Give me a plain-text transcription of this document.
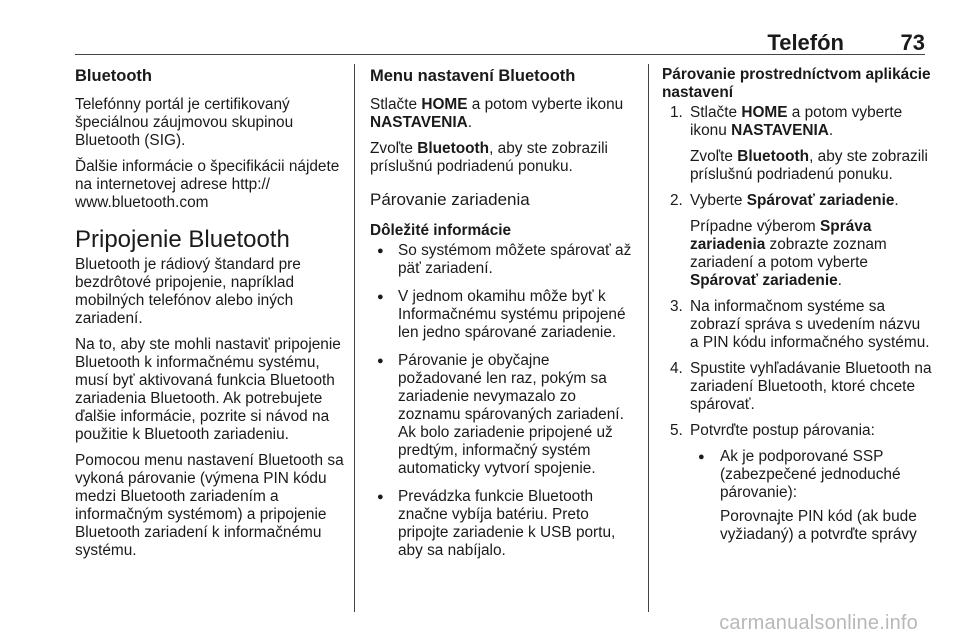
Telefón	73
Bluetooth

Telefónny portál je certifikovaný špeciálnou záujmovou skupinou Bluetooth (SIG).

Ďalšie informácie o špecifikácii nájdete na internetovej adrese http:// www.bluetooth.com

Pripojenie Bluetooth

Bluetooth je rádiový štandard pre bezdrôtové pripojenie, napríklad mobilných telefónov alebo iných zariadení.

Na to, aby ste mohli nastaviť pripojenie Bluetooth k informačnému systému, musí byť aktivovaná funkcia Bluetooth zariadenia Bluetooth. Ak potrebujete ďalšie informácie, pozrite si návod na použitie k Bluetooth zariadeniu.

Pomocou menu nastavení Bluetooth sa vykoná párovanie (výmena PIN kódu medzi Bluetooth zariadením a informačným systémom) a pripojenie Bluetooth zariadení k informačnému systému.

Menu nastavení Bluetooth

Stlačte HOME a potom vyberte ikonu NASTAVENIA.

Zvoľte Bluetooth, aby ste zobrazili príslušnú podriadenú ponuku.

Párovanie zariadenia
Dôležité informácie
● So systémom môžete spárovať až päť zariadení.
● V jednom okamihu môže byť k Informačnému systému pripojené len jedno spárované zariadenie.
● Párovanie je obyčajne požadované len raz, pokým sa zariadenie nevymazalo zo zoznamu spárovaných zariadení. Ak bolo zariadenie pripojené už predtým, informačný systém automaticky vytvorí spojenie.
● Prevádzka funkcie Bluetooth značne vybíja batériu. Preto pripojte zariadenie k USB portu, aby sa nabíjalo.
Párovanie prostredníctvom aplikácie nastavení
1. Stlačte HOME a potom vyberte ikonu NASTAVENIA.

Zvoľte Bluetooth, aby ste zobrazili príslušnú podriadenú ponuku.

2. Vyberte Spárovať zariadenie.

Prípadne výberom Správa zariadenia zobrazte zoznam zariadení a potom vyberte Spárovať zariadenie.

3. Na informačnom systéme sa zobrazí správa s uvedením názvu a PIN kódu informačného systému.

4. Spustite vyhľadávanie Bluetooth na zariadení Bluetooth, ktoré chcete spárovať.

5. Potvrďte postup párovania:

● Ak je podporované SSP (zabezpečené jednoduché párovanie):

Porovnajte PIN kód (ak bude vyžiadaný) a potvrďte správy

carmanualsonline.info
